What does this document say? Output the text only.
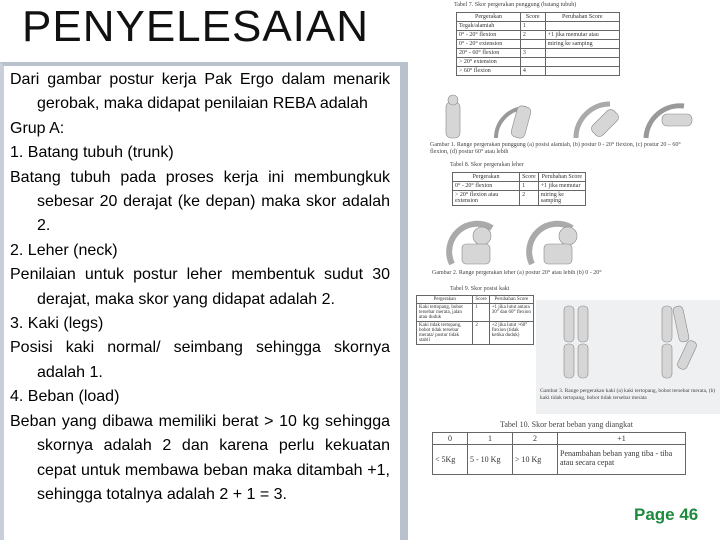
PENYELESAIAN

Dari gambar postur kerja Pak Ergo dalam menarik gerobak, maka didapat penilaian REBA adalah

Grup A:

1. Batang tubuh (trunk)

Batang tubuh pada proses kerja ini membungkuk sebesar 20 derajat (ke depan) maka skor adalah 2.

2. Leher (neck)

Penilaian untuk postur leher membentuk sudut 30 derajat, maka skor yang didapat adalah 2.

3. Kaki (legs)

Posisi kaki normal/ seimbang sehingga skornya adalah 1.

4. Beban (load)

Beban yang dibawa memiliki berat > 10 kg sehingga skornya adalah 2 dan karena perlu kekuatan cepat untuk membawa beban maka ditambah +1, sehingga totalnya adalah 2 + 1 = 3.

Tabel 7. Skor pergerakan punggung (batang tubuh)
Pergerakan	Score	Perubahan Score
Tegak/alamiah	1	
0° - 20° flexion	2	+1 jika memutar atau
0° - 20° extension		miring ke samping
20° - 60° flexion	3	
> 20° extension		
> 60° flexion	4	
Gambar 1. Range pergerakan punggung (a) posisi alamiah, (b) postur 0 - 20° flexion, (c) postur 20 – 60° flexion, (d) postur 60° atau lebih
Tabel 8. Skor pergerakan leher
Pergerakan	Score	Perubahan Score
0° - 20° flexion	1	+1 jika memutar
> 20° flexion atau extension	2	miring ke samping
Gambar 2. Range pergerakan leher (a) postur 20° atau lebih (b) 0 - 20°
Tabel 9. Skor posisi kaki
Pergerakan	Score	Perubahan Score
Kaki tertopang, bobot tersebar merata, jalan atau duduk	1	+1 jika lutut antara 30° dan 60° flexion
Kaki tidak tertopang, bobot tidak tersebar merata/ postur tidak stabil	2	+2 jika lutut >60° flexion (tidak ketika duduk)
Gambar 3. Range pergerakan kaki (a) kaki tertopang, bobot tersebar merata, (b) kaki tidak tertopang, bobot tidak tersebar merata
Tabel 10. Skor berat beban yang diangkat
0	1	2	+1
< 5Kg	5 - 10 Kg	> 10 Kg	Penambahan beban yang tiba - tiba atau secara cepat
Page 46
